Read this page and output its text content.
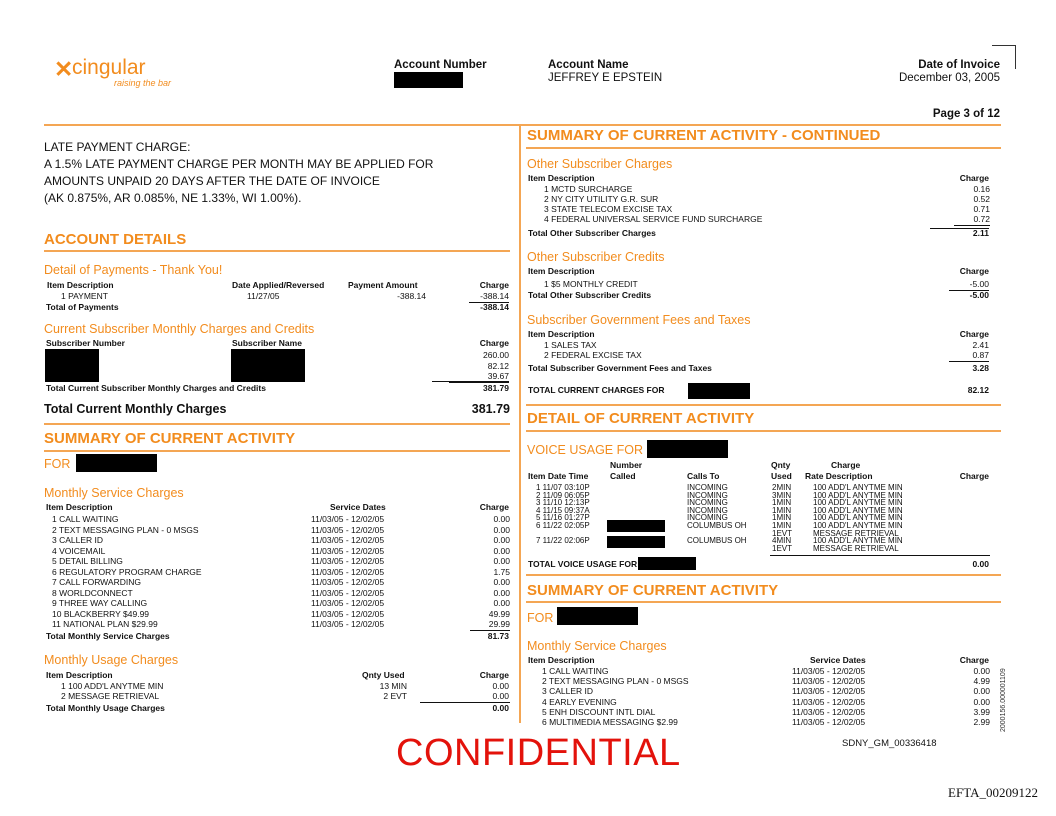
✕
cingular
raising the bar
Account Number	Account Name
JEFFREY E EPSTEIN
Date of Invoice
December 03, 2005
Page 3 of 12
LATE PAYMENT CHARGE:
A 1.5% LATE PAYMENT CHARGE PER MONTH MAY BE APPLIED FOR
AMOUNTS UNPAID 20 DAYS AFTER THE DATE OF INVOICE
(AK 0.875%, AR 0.085%, NE 1.33%, WI 1.00%).
ACCOUNT DETAILS
Detail of Payments - Thank You!
Item Description	Date Applied/Reversed	Payment Amount	Charge
1 PAYMENT	11/27/05	-388.14	-388.14
Total of Payments	-388.14
Current Subscriber Monthly Charges and Credits
Subscriber Number	Subscriber Name	Charge
260.00
82.12
39.67
Total Current Subscriber Monthly Charges and Credits	381.79
Total Current Monthly Charges	381.79
SUMMARY OF CURRENT ACTIVITY
FOR
Monthly Service Charges
Item Description	Service Dates	Charge
1 CALL WAITING	11/03/05 - 12/02/05	0.00
2 TEXT MESSAGING PLAN - 0 MSGS	11/03/05 - 12/02/05	0.00
3 CALLER ID	11/03/05 - 12/02/05	0.00
4 VOICEMAIL	11/03/05 - 12/02/05	0.00
5 DETAIL BILLING	11/03/05 - 12/02/05	0.00
6 REGULATORY PROGRAM CHARGE	11/03/05 - 12/02/05	1.75
7 CALL FORWARDING	11/03/05 - 12/02/05	0.00
8 WORLDCONNECT	11/03/05 - 12/02/05	0.00
9 THREE WAY CALLING	11/03/05 - 12/02/05	0.00
10 BLACKBERRY $49.99	11/03/05 - 12/02/05	49.99
11 NATIONAL PLAN $29.99	11/03/05 - 12/02/05	29.99
Total Monthly Service Charges	81.73
Monthly Usage Charges
Item Description	Qnty Used	Charge
1 100 ADD'L ANYTME MIN	13 MIN	0.00
2 MESSAGE RETRIEVAL	2 EVT	0.00
Total Monthly Usage Charges	0.00
SUMMARY OF CURRENT ACTIVITY - CONTINUED
Other Subscriber Charges
Item Description	Charge
1 MCTD SURCHARGE	0.16
2 NY CITY UTILITY G.R. SUR	0.52
3 STATE TELECOM EXCISE TAX	0.71
4 FEDERAL UNIVERSAL SERVICE FUND SURCHARGE	0.72
Total Other Subscriber Charges	2.11
Other Subscriber Credits
Item Description	Charge
1 $5 MONTHLY CREDIT	-5.00
Total Other Subscriber Credits	-5.00
Subscriber Government Fees and Taxes
Item Description	Charge
1 SALES TAX	2.41
2 FEDERAL EXCISE TAX	0.87
Total Subscriber Government Fees and Taxes	3.28
TOTAL CURRENT CHARGES FOR	82.12
DETAIL OF CURRENT ACTIVITY
VOICE USAGE FOR
Number	Qnty	Charge
Item Date Time	Called	Calls To	Used Rate Description	Charge
1 11/07 03:10P	INCOMING	2MIN	100 ADD'L ANYTME MIN
2 11/09 06:05P	INCOMING	3MIN	100 ADD'L ANYTME MIN
3 11/10 12:13P	INCOMING	1MIN	100 ADD'L ANYTME MIN
4 11/15 09:37A	INCOMING	1MIN	100 ADD'L ANYTME MIN
5 11/16 01:27P	INCOMING	1MIN	100 ADD'L ANYTME MIN
6 11/22 02:05P	COLUMBUS OH	1MIN	100 ADD'L ANYTME MIN
1EVT	MESSAGE RETRIEVAL
7 11/22 02:06P	COLUMBUS OH	4MIN	100 ADD'L ANYTME MIN
1EVT	MESSAGE RETRIEVAL
TOTAL VOICE USAGE FOR	0.00
SUMMARY OF CURRENT ACTIVITY
FOR
Monthly Service Charges
Item Description	Service Dates	Charge
1 CALL WAITING	11/03/05 - 12/02/05	0.00
2 TEXT MESSAGING PLAN - 0 MSGS	11/03/05 - 12/02/05	4.99
3 CALLER ID	11/03/05 - 12/02/05	0.00
4 EARLY EVENING	11/03/05 - 12/02/05	0.00
5 ENH DISCOUNT INTL DIAL	11/03/05 - 12/02/05	3.99
6 MULTIMEDIA MESSAGING $2.99	11/03/05 - 12/02/05	2.99
SDNY_GM_00336418
CONFIDENTIAL
EFTA_00209122
2000156.000001109
